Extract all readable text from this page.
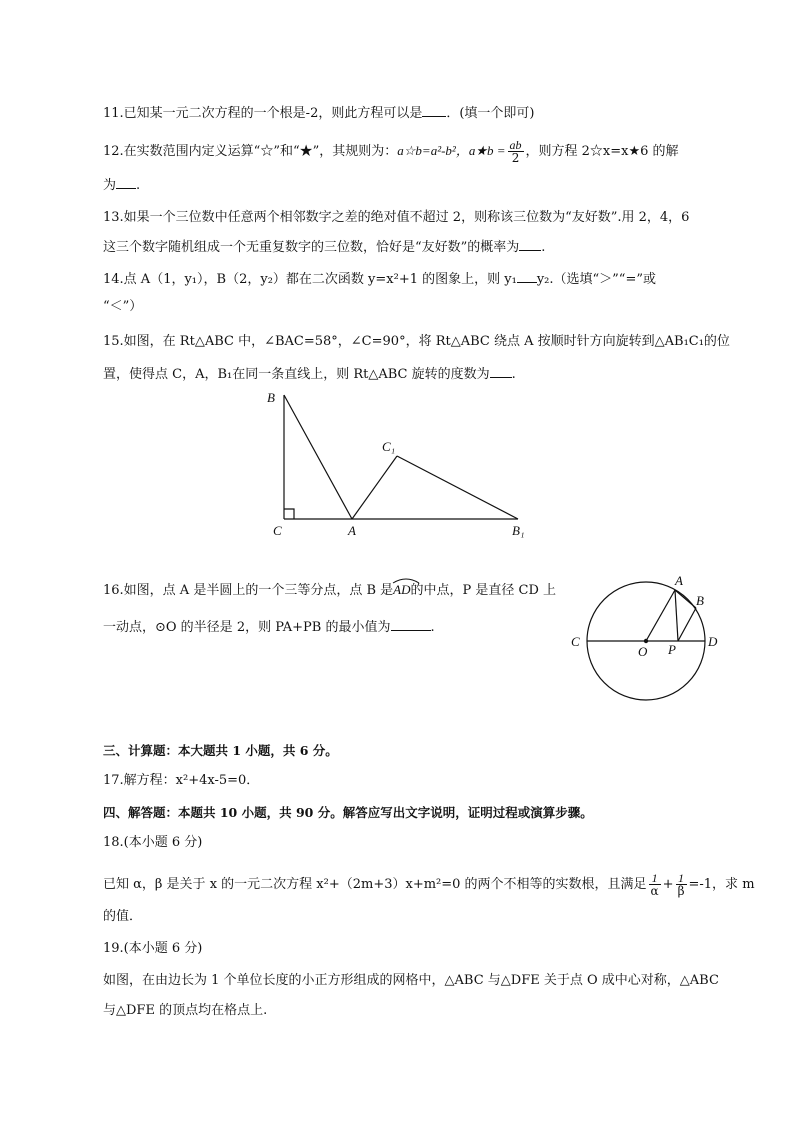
11.已知某一元二次方程的一个根是-2，则此方程可以是 ．(填一个即可)
12.在实数范围内定义运算“☆”和“★”，其规则为：a☆b=a²-b²，a★b = $\frac{ab}{2}$ ，则方程 2☆x=x★6 的解
为 .
13.如果一个三位数中任意两个相邻数字之差的绝对值不超过 2，则称该三位数为“友好数”.用 2，4，6
这三个数字随机组成一个无重复数字的三位数，恰好是“友好数”的概率为 .
14.点 A（1，y₁），B（2，y₂）都在二次函数 y=x²+1 的图象上，则 y₁ y₂.（选填“＞”“=”或
“＜”）
15.如图，在 Rt△ABC 中，∠BAC=58°，∠C=90°，将 Rt△ABC 绕点 A 按顺时针方向旋转到△AB₁C₁的位
置，使得点 C，A，B₁在同一条直线上，则 Rt△ABC 旋转的度数为 .
B
C	A
C₁
B₁
16.如图，点 A 是半圆上的一个三等分点，点 B 是
AD的中点，P 是直径 CD 上
一动点，⊙O 的半径是 2，则 PA+PB 的最小值为	.
A
B
C	D
O P
三、计算题：本大题共 1 小题，共 6 分。
17.解方程：x²+4x-5=0．
四、解答题：本题共 10 小题，共 90 分。解答应写出文字说明，证明过程或演算步骤。
18.(本小题 6 分)
已知 α，β 是关于 x 的一元二次方程 x²+（2m+3）x+m²=0 的两个不相等的实数根，且满足 $\frac{1}{\alpha} + \frac{1}{\beta} =-1$，求 m
的值．
19.(本小题 6 分)
如图，在由边长为 1 个单位长度的小正方形组成的网格中，△ABC 与△DFE 关于点 O 成中心对称，△ABC
与△DFE 的顶点均在格点上.
